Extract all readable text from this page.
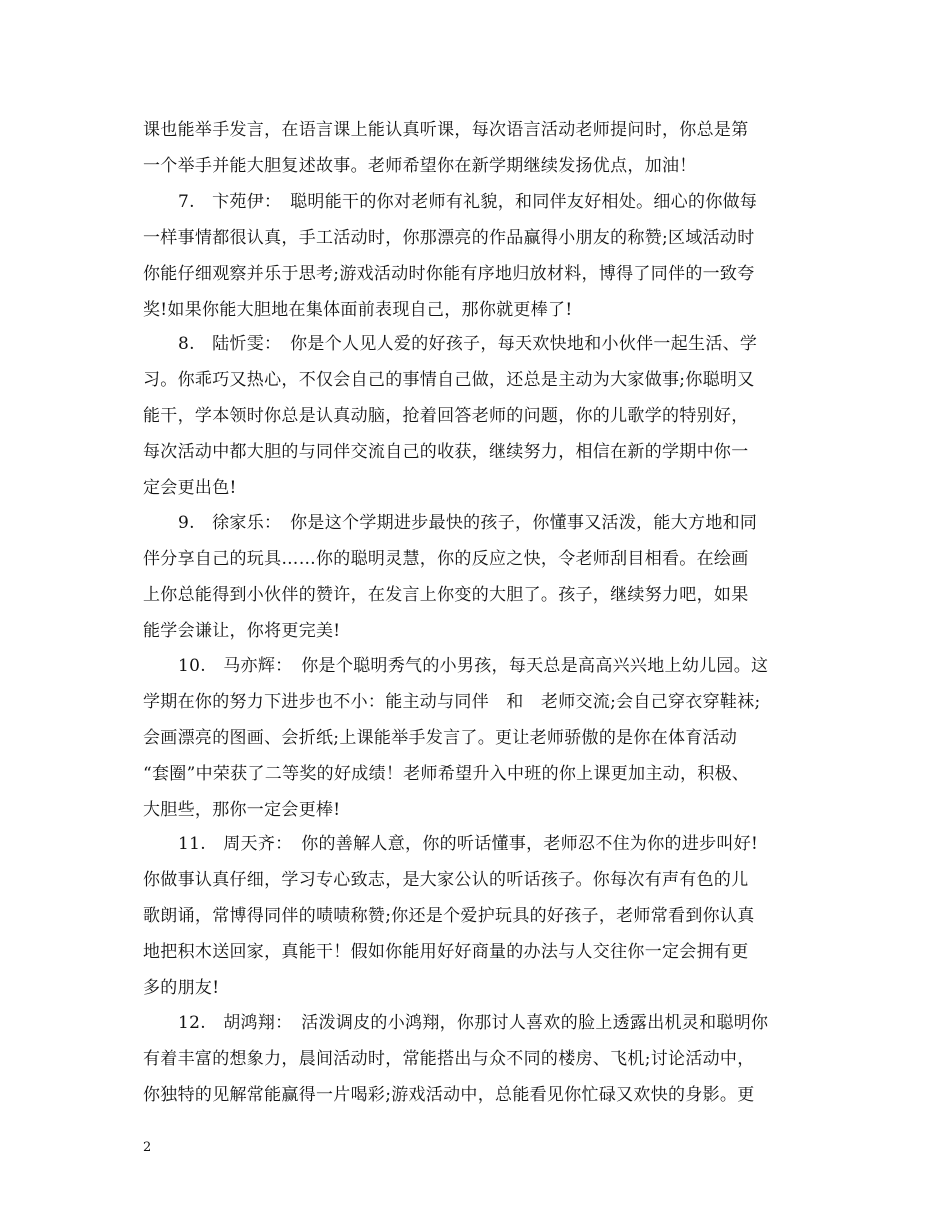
课也能举手发言，在语言课上能认真听课，每次语言活动老师提问时，你总是第
一个举手并能大胆复述故事。老师希望你在新学期继续发扬优点，加油！
7.　卞苑伊：　聪明能干的你对老师有礼貌，和同伴友好相处。细心的你做每
一样事情都很认真，手工活动时，你那漂亮的作品赢得小朋友的称赞;区域活动时
你能仔细观察并乐于思考;游戏活动时你能有序地归放材料，博得了同伴的一致夸
奖!如果你能大胆地在集体面前表现自己，那你就更棒了!
8.　陆忻雯：　你是个人见人爱的好孩子，每天欢快地和小伙伴一起生活、学
习。你乖巧又热心，不仅会自己的事情自己做，还总是主动为大家做事;你聪明又
能干，学本领时你总是认真动脑，抢着回答老师的问题，你的儿歌学的特别好，
每次活动中都大胆的与同伴交流自己的收获，继续努力，相信在新的学期中你一
定会更出色!
9.　徐家乐：　你是这个学期进步最快的孩子，你懂事又活泼，能大方地和同
伴分享自己的玩具……你的聪明灵慧，你的反应之快，令老师刮目相看。在绘画
上你总能得到小伙伴的赞许，在发言上你变的大胆了。孩子，继续努力吧，如果
能学会谦让，你将更完美!
10.　马亦辉：　你是个聪明秀气的小男孩，每天总是高高兴兴地上幼儿园。这
学期在你的努力下进步也不小：能主动与同伴　和　老师交流;会自己穿衣穿鞋袜;
会画漂亮的图画、会折纸;上课能举手发言了。更让老师骄傲的是你在体育活动
“套圈”中荣获了二等奖的好成绩！老师希望升入中班的你上课更加主动，积极、
大胆些，那你一定会更棒!
11.　周天齐：　你的善解人意，你的听话懂事，老师忍不住为你的进步叫好!
你做事认真仔细，学习专心致志，是大家公认的听话孩子。你每次有声有色的儿
歌朗诵，常博得同伴的啧啧称赞;你还是个爱护玩具的好孩子，老师常看到你认真
地把积木送回家，真能干！假如你能用好好商量的办法与人交往你一定会拥有更
多的朋友!
12.　胡鸿翔：　活泼调皮的小鸿翔，你那讨人喜欢的脸上透露出机灵和聪明你
有着丰富的想象力，晨间活动时，常能搭出与众不同的楼房、飞机;讨论活动中，
你独特的见解常能赢得一片喝彩;游戏活动中，总能看见你忙碌又欢快的身影。更
2
